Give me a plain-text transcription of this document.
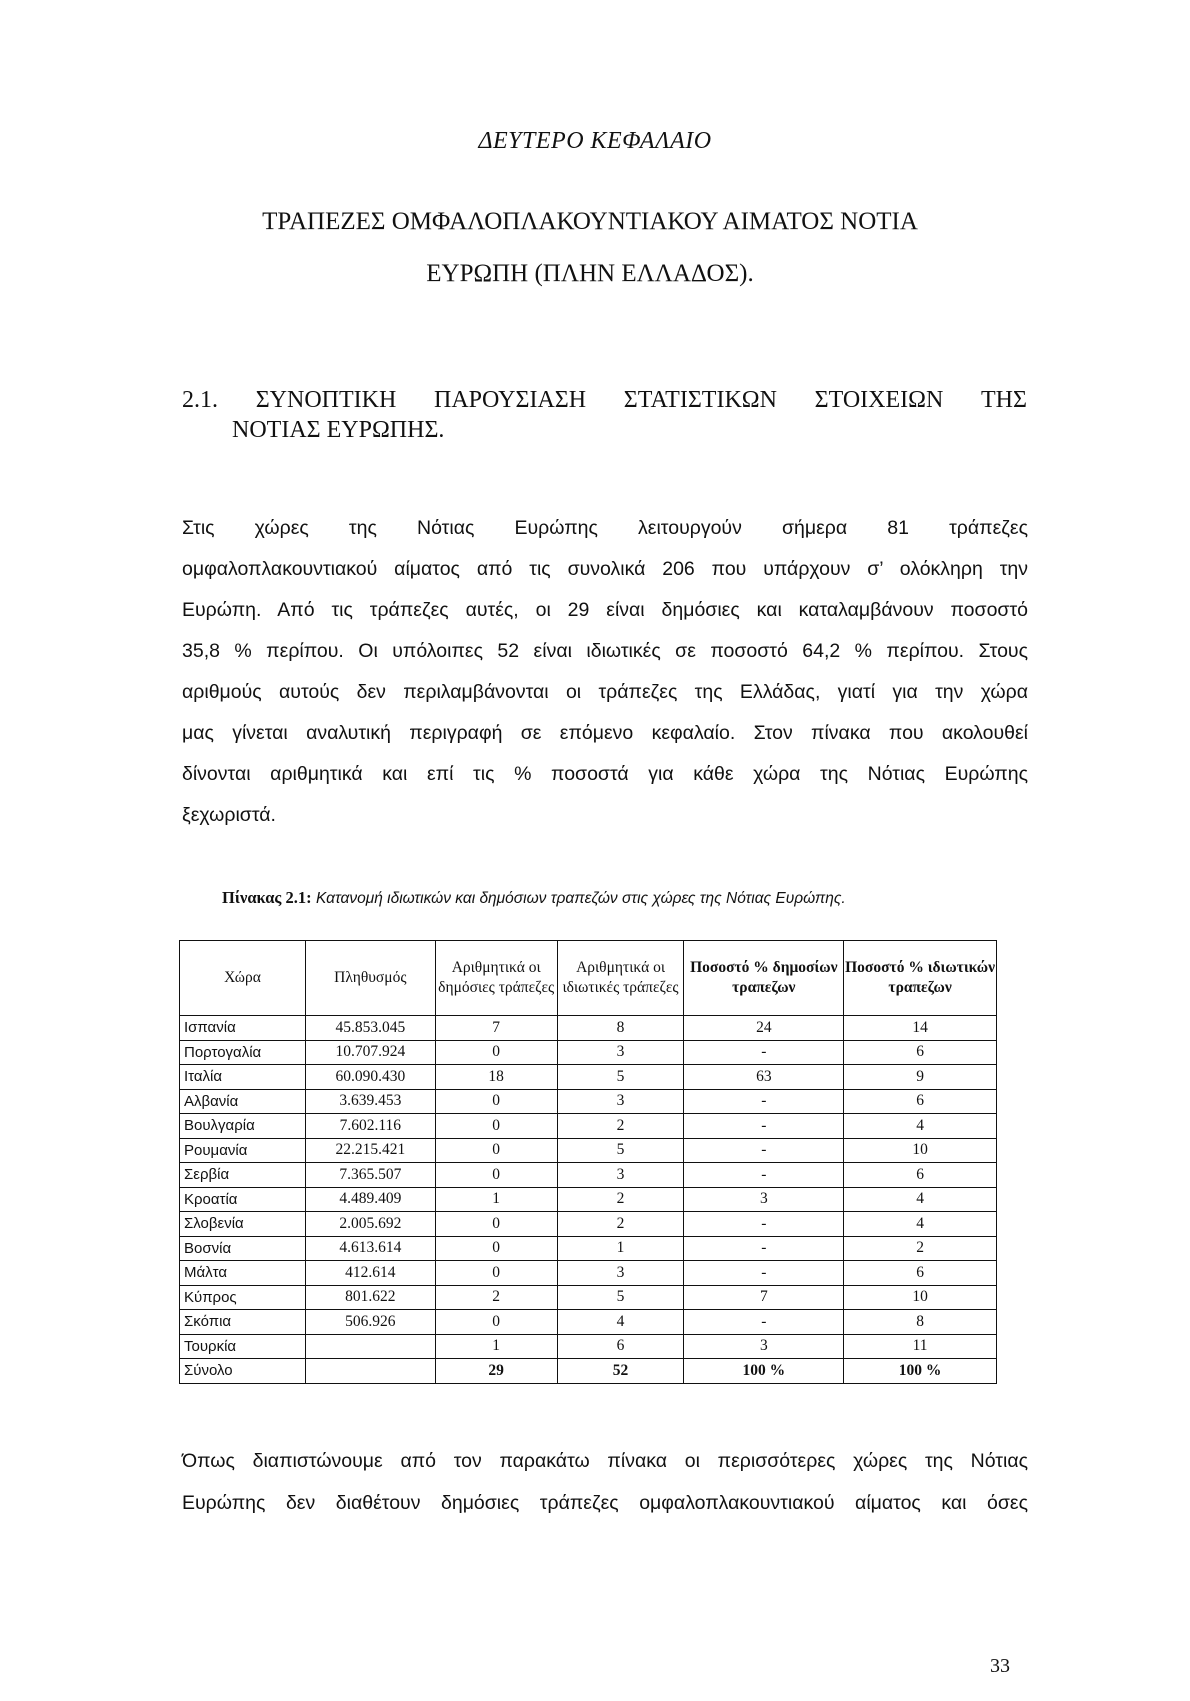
ΔΕΥΤΕΡΟ ΚΕΦΑΛΑΙΟ
ΤΡΑΠΕΖΕΣ ΟΜΦΑΛΟΠΛΑΚΟΥΝΤΙΑΚΟΥ ΑΙΜΑΤΟΣ ΝΟΤΙΑ
ΕΥΡΩΠΗ (ΠΛΗΝ ΕΛΛΑΔΟΣ).
2.1. ΣΥΝΟΠΤΙΚΗ ΠΑΡΟΥΣΙΑΣΗ ΣΤΑΤΙΣΤΙΚΩΝ ΣΤΟΙΧΕΙΩΝ ΤΗΣ
ΝΟΤΙΑΣ ΕΥΡΩΠΗΣ.
Στις χώρες της Νότιας Ευρώπης λειτουργούν σήμερα 81 τράπεζες
ομφαλοπλακουντιακού αίματος από τις συνολικά 206 που υπάρχουν σ’ ολόκληρη την
Ευρώπη. Από τις τράπεζες αυτές, οι 29 είναι δημόσιες και καταλαμβάνουν ποσοστό
35,8 % περίπου. Οι υπόλοιπες 52 είναι ιδιωτικές σε ποσοστό 64,2 % περίπου. Στους
αριθμούς αυτούς δεν περιλαμβάνονται οι τράπεζες της Ελλάδας, γιατί για την χώρα
μας γίνεται αναλυτική περιγραφή σε επόμενο κεφαλαίο. Στον πίνακα που ακολουθεί
δίνονται αριθμητικά και επί τις % ποσοστά για κάθε χώρα της Νότιας Ευρώπης
ξεχωριστά.
Πίνακας 2.1: Κατανομή ιδιωτικών και δημόσιων τραπεζών στις χώρες της Νότιας Ευρώπης.
Χώρα	Πληθυσμός	Αριθμητικά οι δημόσιες τράπεζες	Αριθμητικά οι ιδιωτικές τράπεζες	Ποσοστό % δημοσίων τραπεζων	Ποσοστό % ιδιωτικών τραπεζων
Ισπανία	45.853.045	7	8	24	14
Πορτογαλία	10.707.924	0	3	-	6
Ιταλία	60.090.430	18	5	63	9
Αλβανία	3.639.453	0	3	-	6
Βουλγαρία	7.602.116	0	2	-	4
Ρουμανία	22.215.421	0	5	-	10
Σερβία	7.365.507	0	3	-	6
Κροατία	4.489.409	1	2	3	4
Σλοβενία	2.005.692	0	2	-	4
Βοσνία	4.613.614	0	1	-	2
Μάλτα	412.614	0	3	-	6
Κύπρος	801.622	2	5	7	10
Σκόπια	506.926	0	4	-	8
Τουρκία		1	6	3	11
Σύνολο		29	52	100 %	100 %
Όπως διαπιστώνουμε από τον παρακάτω πίνακα οι περισσότερες χώρες της Νότιας
Ευρώπης δεν διαθέτουν δημόσιες τράπεζες ομφαλοπλακουντιακού αίματος και όσες
33
